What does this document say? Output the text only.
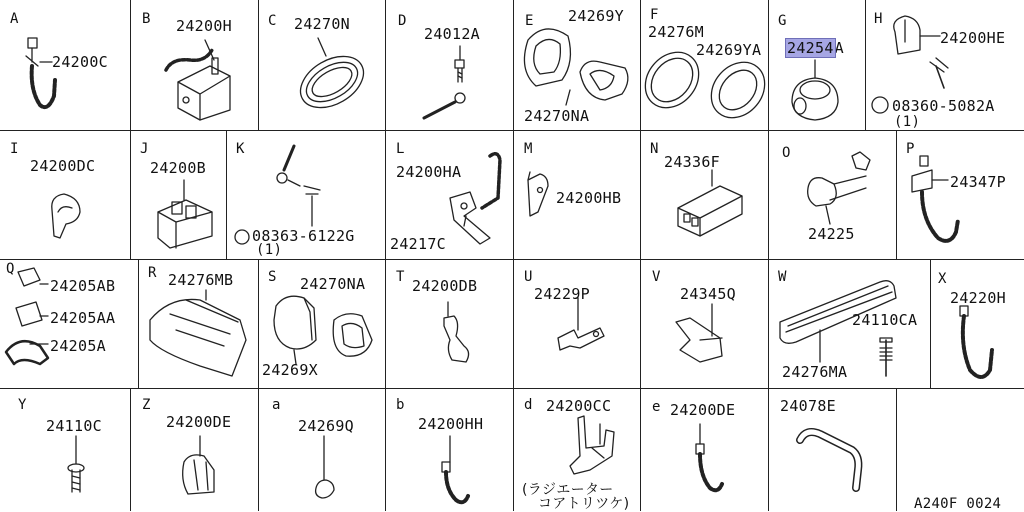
A
24200C
B 24200H	C 24270N	D
24012A
E 24269Y
24270NA
F
24276M
24269YA
G
24254A
H
24200HE
08360-5082A
(1)
I
24200DC
J
24200B
K
08363-6122G
(1)
L
24200HA
24217C
M
24200HB
N
24336F	O
24225
P
24347P
Q
24205AB
24205AA
24205A
R 24276MB S 24270NA
24269X
T 24200DB	U
24229P
V
24345Q
W
24110CA
24276MA
X
24220H
Y
24110C
Z
24200DE
a
24269Q
b
24200HH
d 24200CC
(ラジエーター
コアトリツケ)
e 24200DE	24078E
A240F 0024
